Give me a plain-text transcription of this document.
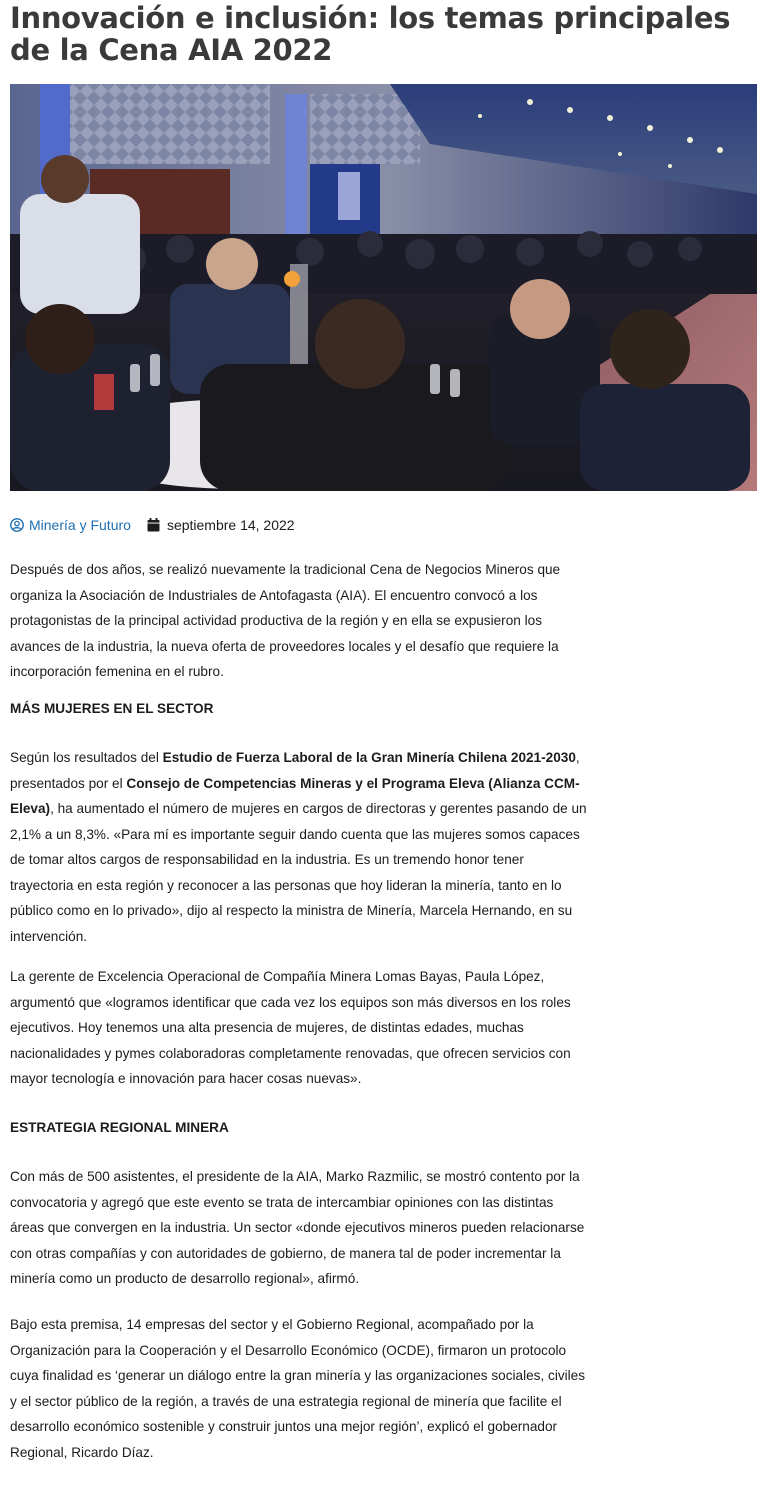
Innovación e inclusión: los temas principales de la Cena AIA 2022
Minería y Futuro	septiembre 14, 2022

Después de dos años, se realizó nuevamente la tradicional Cena de Negocios Mineros que organiza la Asociación de Industriales de Antofagasta (AIA). El encuentro convocó a los protagonistas de la principal actividad productiva de la región y en ella se expusieron los avances de la industria, la nueva oferta de proveedores locales y el desafío que requiere la incorporación femenina en el rubro.

MÁS MUJERES EN EL SECTOR

Según los resultados del Estudio de Fuerza Laboral de la Gran Minería Chilena 2021-2030, presentados por el Consejo de Competencias Mineras y el Programa Eleva (Alianza CCM-Eleva), ha aumentado el número de mujeres en cargos de directoras y gerentes pasando de un 2,1% a un 8,3%. «Para mí es importante seguir dando cuenta que las mujeres somos capaces de tomar altos cargos de responsabilidad en la industria. Es un tremendo honor tener trayectoria en esta región y reconocer a las personas que hoy lideran la minería, tanto en lo público como en lo privado», dijo al respecto la ministra de Minería, Marcela Hernando, en su intervención.

La gerente de Excelencia Operacional de Compañía Minera Lomas Bayas, Paula López, argumentó que «logramos identificar que cada vez los equipos son más diversos en los roles ejecutivos. Hoy tenemos una alta presencia de mujeres, de distintas edades, muchas nacionalidades y pymes colaboradoras completamente renovadas, que ofrecen servicios con mayor tecnología e innovación para hacer cosas nuevas».

ESTRATEGIA REGIONAL MINERA

Con más de 500 asistentes, el presidente de la AIA, Marko Razmilic, se mostró contento por la convocatoria y agregó que este evento se trata de intercambiar opiniones con las distintas áreas que convergen en la industria. Un sector «donde ejecutivos mineros pueden relacionarse con otras compañías y con autoridades de gobierno, de manera tal de poder incrementar la minería como un producto de desarrollo regional», afirmó.

Bajo esta premisa, 14 empresas del sector y el Gobierno Regional, acompañado por la Organización para la Cooperación y el Desarrollo Económico (OCDE), firmaron un protocolo cuya finalidad es ‘generar un diálogo entre la gran minería y las organizaciones sociales, civiles y el sector público de la región, a través de una estrategia regional de minería que facilite el desarrollo económico sostenible y construir juntos una mejor región’, explicó el gobernador Regional, Ricardo Díaz.
